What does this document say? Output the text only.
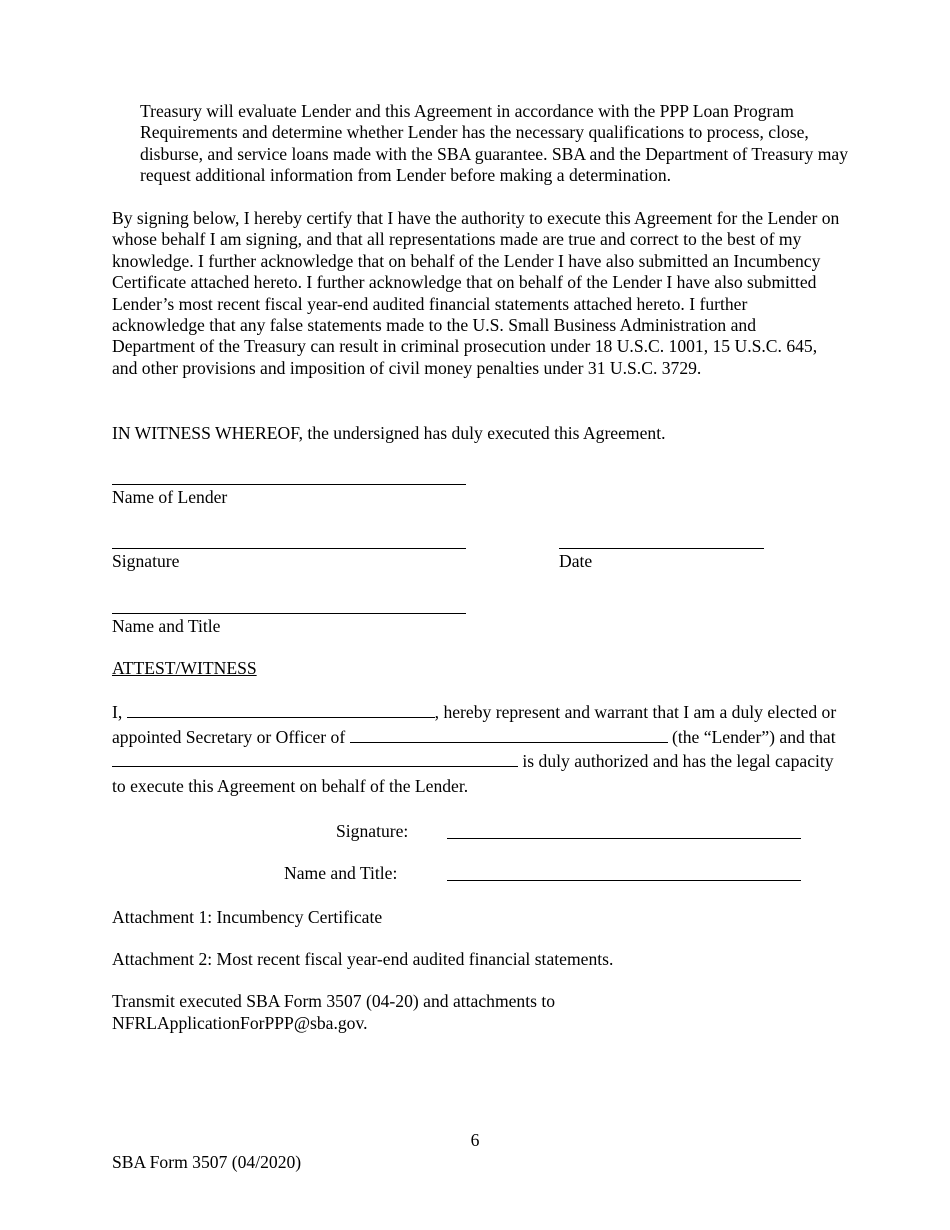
Treasury will evaluate Lender and this Agreement in accordance with the PPP Loan Program Requirements and determine whether Lender has the necessary qualifications to process, close, disburse, and service loans made with the SBA guarantee. SBA and the Department of Treasury may request additional information from Lender before making a determination.

By signing below, I hereby certify that I have the authority to execute this Agreement for the Lender on whose behalf I am signing, and that all representations made are true and correct to the best of my knowledge. I further acknowledge that on behalf of the Lender I have also submitted an Incumbency Certificate attached hereto. I further acknowledge that on behalf of the Lender I have also submitted Lender’s most recent fiscal year-end audited financial statements attached hereto. I further acknowledge that any false statements made to the U.S. Small Business Administration and Department of the Treasury can result in criminal prosecution under 18 U.S.C. 1001, 15 U.S.C. 645, and other provisions and imposition of civil money penalties under 31 U.S.C. 3729.

IN WITNESS WHEREOF, the undersigned has duly executed this Agreement.

Name of Lender

Signature	Date

Name and Title

ATTEST/WITNESS

I,	, hereby represent and warrant that I am a duly elected or appointed Secretary or Officer of	(the “Lender”) and that  is duly authorized and has the legal capacity to execute this Agreement on behalf of the Lender.

Signature:

Name and Title:

Attachment 1: Incumbency Certificate

Attachment 2: Most recent fiscal year-end audited financial statements.

Transmit executed SBA Form 3507 (04-20) and attachments to

NFRLApplicationForPPP@sba.gov.

6

SBA Form 3507 (04/2020)
